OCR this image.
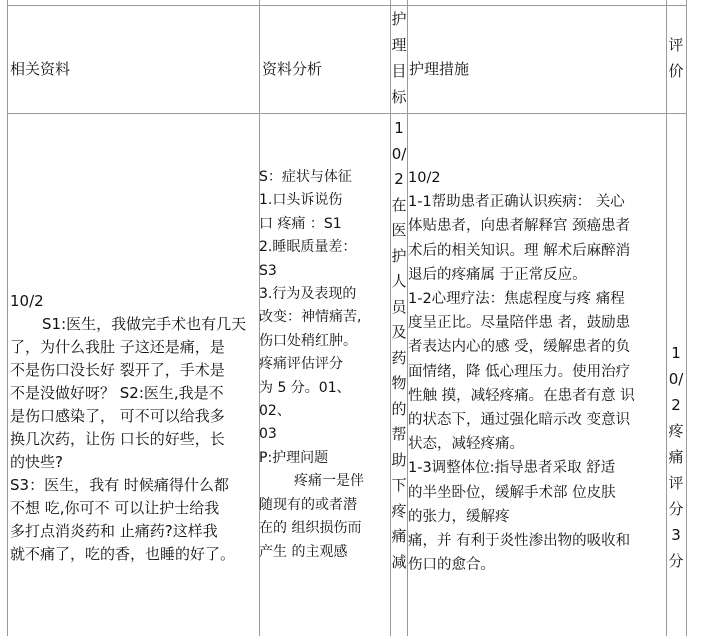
相关资料	资料分析
护理目标
护理措施
评价
10/2
S1:医生，我做完手术也有几天
了，为什么我肚 子这还是痛，是
不是伤口没长好 裂开了，手术是
不是没做好呀？ S2:医生,我是不
是伤口感染了， 可不可以给我多
换几次药，让伤 口长的好些，长
的快些?
S3：医生，我有 时候痛得什么都
不想 吃,你可不 可以让护士给我
多打点消炎药和 止痛药?这样我
就不痛了，吃的香，也睡的好了。
S：症状与体征
1.口头诉说伤
口 疼痛 ：S1
2.睡眠质量差：
S3
3.行为及表现的
改变：神情痛苦,
伤口处稍红肿。
疼痛评估评分
为 5 分。01、
02、
03
P:护理问题
疼痛一是伴
随现有的或者潜
在的 组织损伤而
产生 的主观感
10/2在医护人员及药物的帮助下疼痛减
10/2
1-1帮助患者正确认识疾病： 关心
体贴患者，向患者解释宫 颈癌患者
术后的相关知识。理 解术后麻醉消
退后的疼痛属 于正常反应。
1-2心理疗法：焦虑程度与疼 痛程
度呈正比。尽量陪伴患 者，鼓励患
者表达内心的感 受，缓解患者的负
面情绪，降 低心理压力。使用治疗
性触 摸，减轻疼痛。在患者有意 识
的状态下，通过强化暗示改 变意识
状态，减轻疼痛。
1-3调整体位:指导患者采取 舒适
的半坐卧位，缓解手术部 位皮肤
的张力，缓解疼
痛，并 有利于炎性渗出物的吸收和
伤口的愈合。
10/2疼痛评分3分
